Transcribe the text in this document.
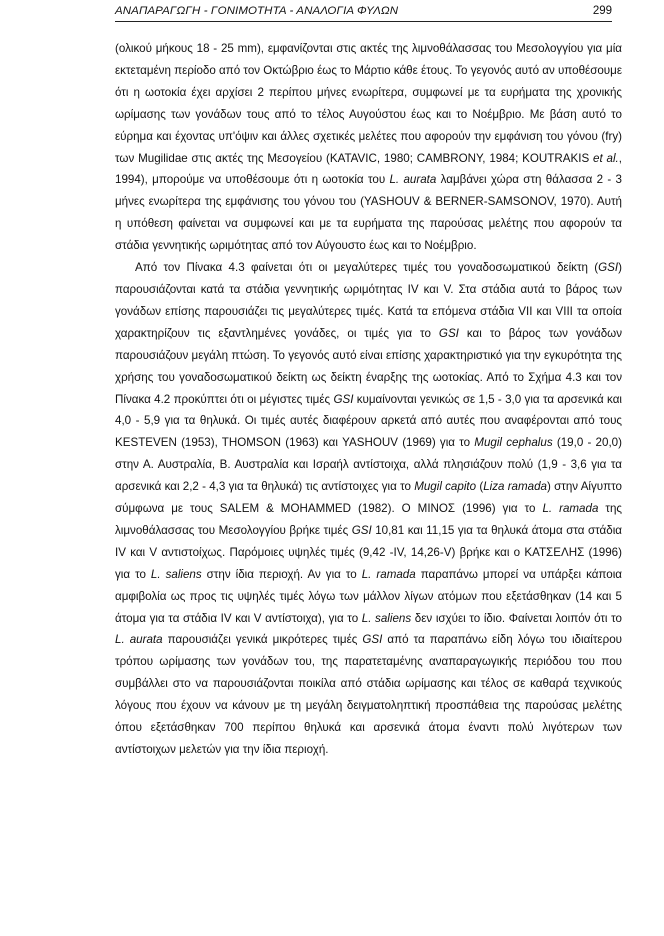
ΑΝΑΠΑΡΑΓΩΓΗ - ΓΟΝΙΜΟΤΗΤΑ - ΑΝΑΛΟΓΙΑ ΦΥΛΩΝ	299

(ολικού μήκους 18 - 25 mm), εμφανίζονται στις ακτές της λιμνοθάλασσας του Μεσολογγίου για μία εκτεταμένη περίοδο από τον Οκτώβριο έως το Μάρτιο κάθε έτους. Το γεγονός αυτό αν υποθέσουμε ότι η ωοτοκία έχει αρχίσει 2 περίπου μήνες ενωρίτερα, συμφωνεί με τα ευρήματα της χρονικής ωρίμασης των γονάδων τους από το τέλος Αυγούστου έως και το Νοέμβριο. Με βάση αυτό το εύρημα και έχοντας υπ'όψιν και άλλες σχετικές μελέτες που αφορούν την εμφάνιση του γόνου (fry) των Mugilidae στις ακτές της Μεσογείου (KATAVIC, 1980; CAMBRONY, 1984; KOUTRAKIS et al., 1994), μπορούμε να υποθέσουμε ότι η ωοτοκία του L. aurata λαμβάνει χώρα στη θάλασσα 2 - 3 μήνες ενωρίτερα της εμφάνισης του γόνου του (YASHOUV & BERNER-SAMSONOV, 1970). Αυτή η υπόθεση φαίνεται να συμφωνεί και με τα ευρήματα της παρούσας μελέτης που αφορούν τα στάδια γεννητικής ωριμότητας από τον Αύγουστο έως και το Νοέμβριο.

Από τον Πίνακα 4.3 φαίνεται ότι οι μεγαλύτερες τιμές του γοναδοσωματικού δείκτη (GSI) παρουσιάζονται κατά τα στάδια γεννητικής ωριμότητας IV και V. Στα στάδια αυτά το βάρος των γονάδων επίσης παρουσιάζει τις μεγαλύτερες τιμές. Κατά τα επόμενα στάδια VII και VIII τα οποία χαρακτηρίζουν τις εξαντλημένες γονάδες, οι τιμές για το GSI και το βάρος των γονάδων παρουσιάζουν μεγάλη πτώση. Το γεγονός αυτό είναι επίσης χαρακτηριστικό για την εγκυρότητα της χρήσης του γοναδοσωματικού δείκτη ως δείκτη έναρξης της ωοτοκίας. Από το Σχήμα 4.3 και τον Πίνακα 4.2 προκύπτει ότι οι μέγιστες τιμές GSI κυμαίνονται γενικώς σε 1,5 - 3,0 για τα αρσενικά και 4,0 - 5,9 για τα θηλυκά. Οι τιμές αυτές διαφέρουν αρκετά από αυτές που αναφέρονται από τους KESTEVEN (1953), THOMSON (1963) και YASHOUV (1969) για το Mugil cephalus (19,0 - 20,0) στην Α. Αυστραλία, Β. Αυστραλία και Ισραήλ αντίστοιχα, αλλά πλησιάζουν πολύ (1,9 - 3,6 για τα αρσενικά και 2,2 - 4,3 για τα θηλυκά) τις αντίστοιχες για το Mugil capito (Liza ramada) στην Αίγυπτο σύμφωνα με τους SALEM & MOHAMMED (1982). Ο ΜΙΝΟΣ (1996) για το L. ramada της λιμνοθάλασσας του Μεσολογγίου βρήκε τιμές GSI 10,81 και 11,15 για τα θηλυκά άτομα στα στάδια IV και V αντιστοίχως. Παρόμοιες υψηλές τιμές (9,42 -IV, 14,26-V) βρήκε και ο ΚΑΤΣΕΛΗΣ (1996) για το L. saliens στην ίδια περιοχή. Αν για το L. ramada παραπάνω μπορεί να υπάρξει κάποια αμφιβολία ως προς τις υψηλές τιμές λόγω των μάλλον λίγων ατόμων που εξετάσθηκαν (14 και 5 άτομα για τα στάδια IV και V αντίστοιχα), για το L. saliens δεν ισχύει το ίδιο. Φαίνεται λοιπόν ότι το L. aurata παρουσιάζει γενικά μικρότερες τιμές GSI από τα παραπάνω είδη λόγω του ιδιαίτερου τρόπου ωρίμασης των γονάδων του, της παρατεταμένης αναπαραγωγικής περιόδου του που συμβάλλει στο να παρουσιάζονται ποικίλα από στάδια ωρίμασης και τέλος σε καθαρά τεχνικούς λόγους που έχουν να κάνουν με τη μεγάλη δειγματοληπτική προσπάθεια της παρούσας μελέτης όπου εξετάσθηκαν 700 περίπου θηλυκά και αρσενικά άτομα έναντι πολύ λιγότερων των αντίστοιχων μελετών για την ίδια περιοχή.
